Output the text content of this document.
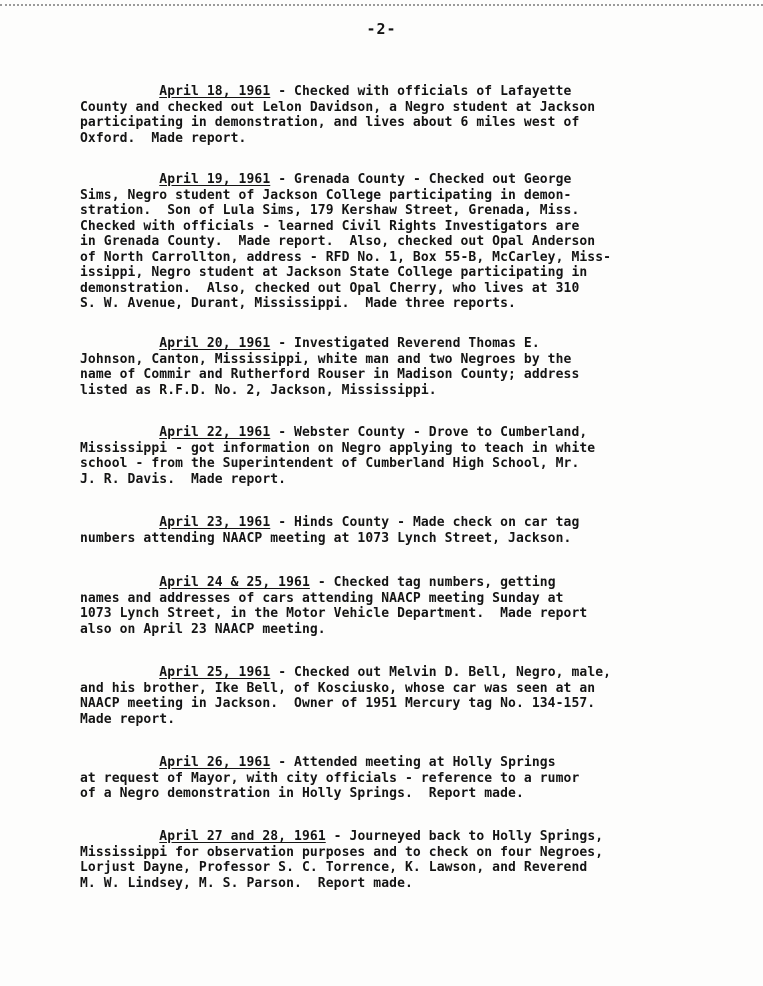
-2-

April 18, 1961 - Checked with officials of Lafayette

County and checked out Lelon Davidson, a Negro student at Jackson

participating in demonstration, and lives about 6 miles west of

Oxford.  Made report.

April 19, 1961 - Grenada County - Checked out George

Sims, Negro student of Jackson College participating in demon-

stration.  Son of Lula Sims, 179 Kershaw Street, Grenada, Miss.

Checked with officials - learned Civil Rights Investigators are

in Grenada County.  Made report.  Also, checked out Opal Anderson

of North Carrollton, address - RFD No. 1, Box 55-B, McCarley, Miss-

issippi, Negro student at Jackson State College participating in

demonstration.  Also, checked out Opal Cherry, who lives at 310

S. W. Avenue, Durant, Mississippi.  Made three reports.

April 20, 1961 - Investigated Reverend Thomas E.

Johnson, Canton, Mississippi, white man and two Negroes by the

name of Commir and Rutherford Rouser in Madison County; address

listed as R.F.D. No. 2, Jackson, Mississippi.

April 22, 1961 - Webster County - Drove to Cumberland,

Mississippi - got information on Negro applying to teach in white

school - from the Superintendent of Cumberland High School, Mr.

J. R. Davis.  Made report.

April 23, 1961 - Hinds County - Made check on car tag

numbers attending NAACP meeting at 1073 Lynch Street, Jackson.

April 24 & 25, 1961 - Checked tag numbers, getting

names and addresses of cars attending NAACP meeting Sunday at

1073 Lynch Street, in the Motor Vehicle Department.  Made report

also on April 23 NAACP meeting.

April 25, 1961 - Checked out Melvin D. Bell, Negro, male,

and his brother, Ike Bell, of Kosciusko, whose car was seen at an

NAACP meeting in Jackson.  Owner of 1951 Mercury tag No. 134-157.

Made report.

April 26, 1961 - Attended meeting at Holly Springs

at request of Mayor, with city officials - reference to a rumor

of a Negro demonstration in Holly Springs.  Report made.

April 27 and 28, 1961 - Journeyed back to Holly Springs,

Mississippi for observation purposes and to check on four Negroes,

Lorjust Dayne, Professor S. C. Torrence, K. Lawson, and Reverend

M. W. Lindsey, M. S. Parson.  Report made.
